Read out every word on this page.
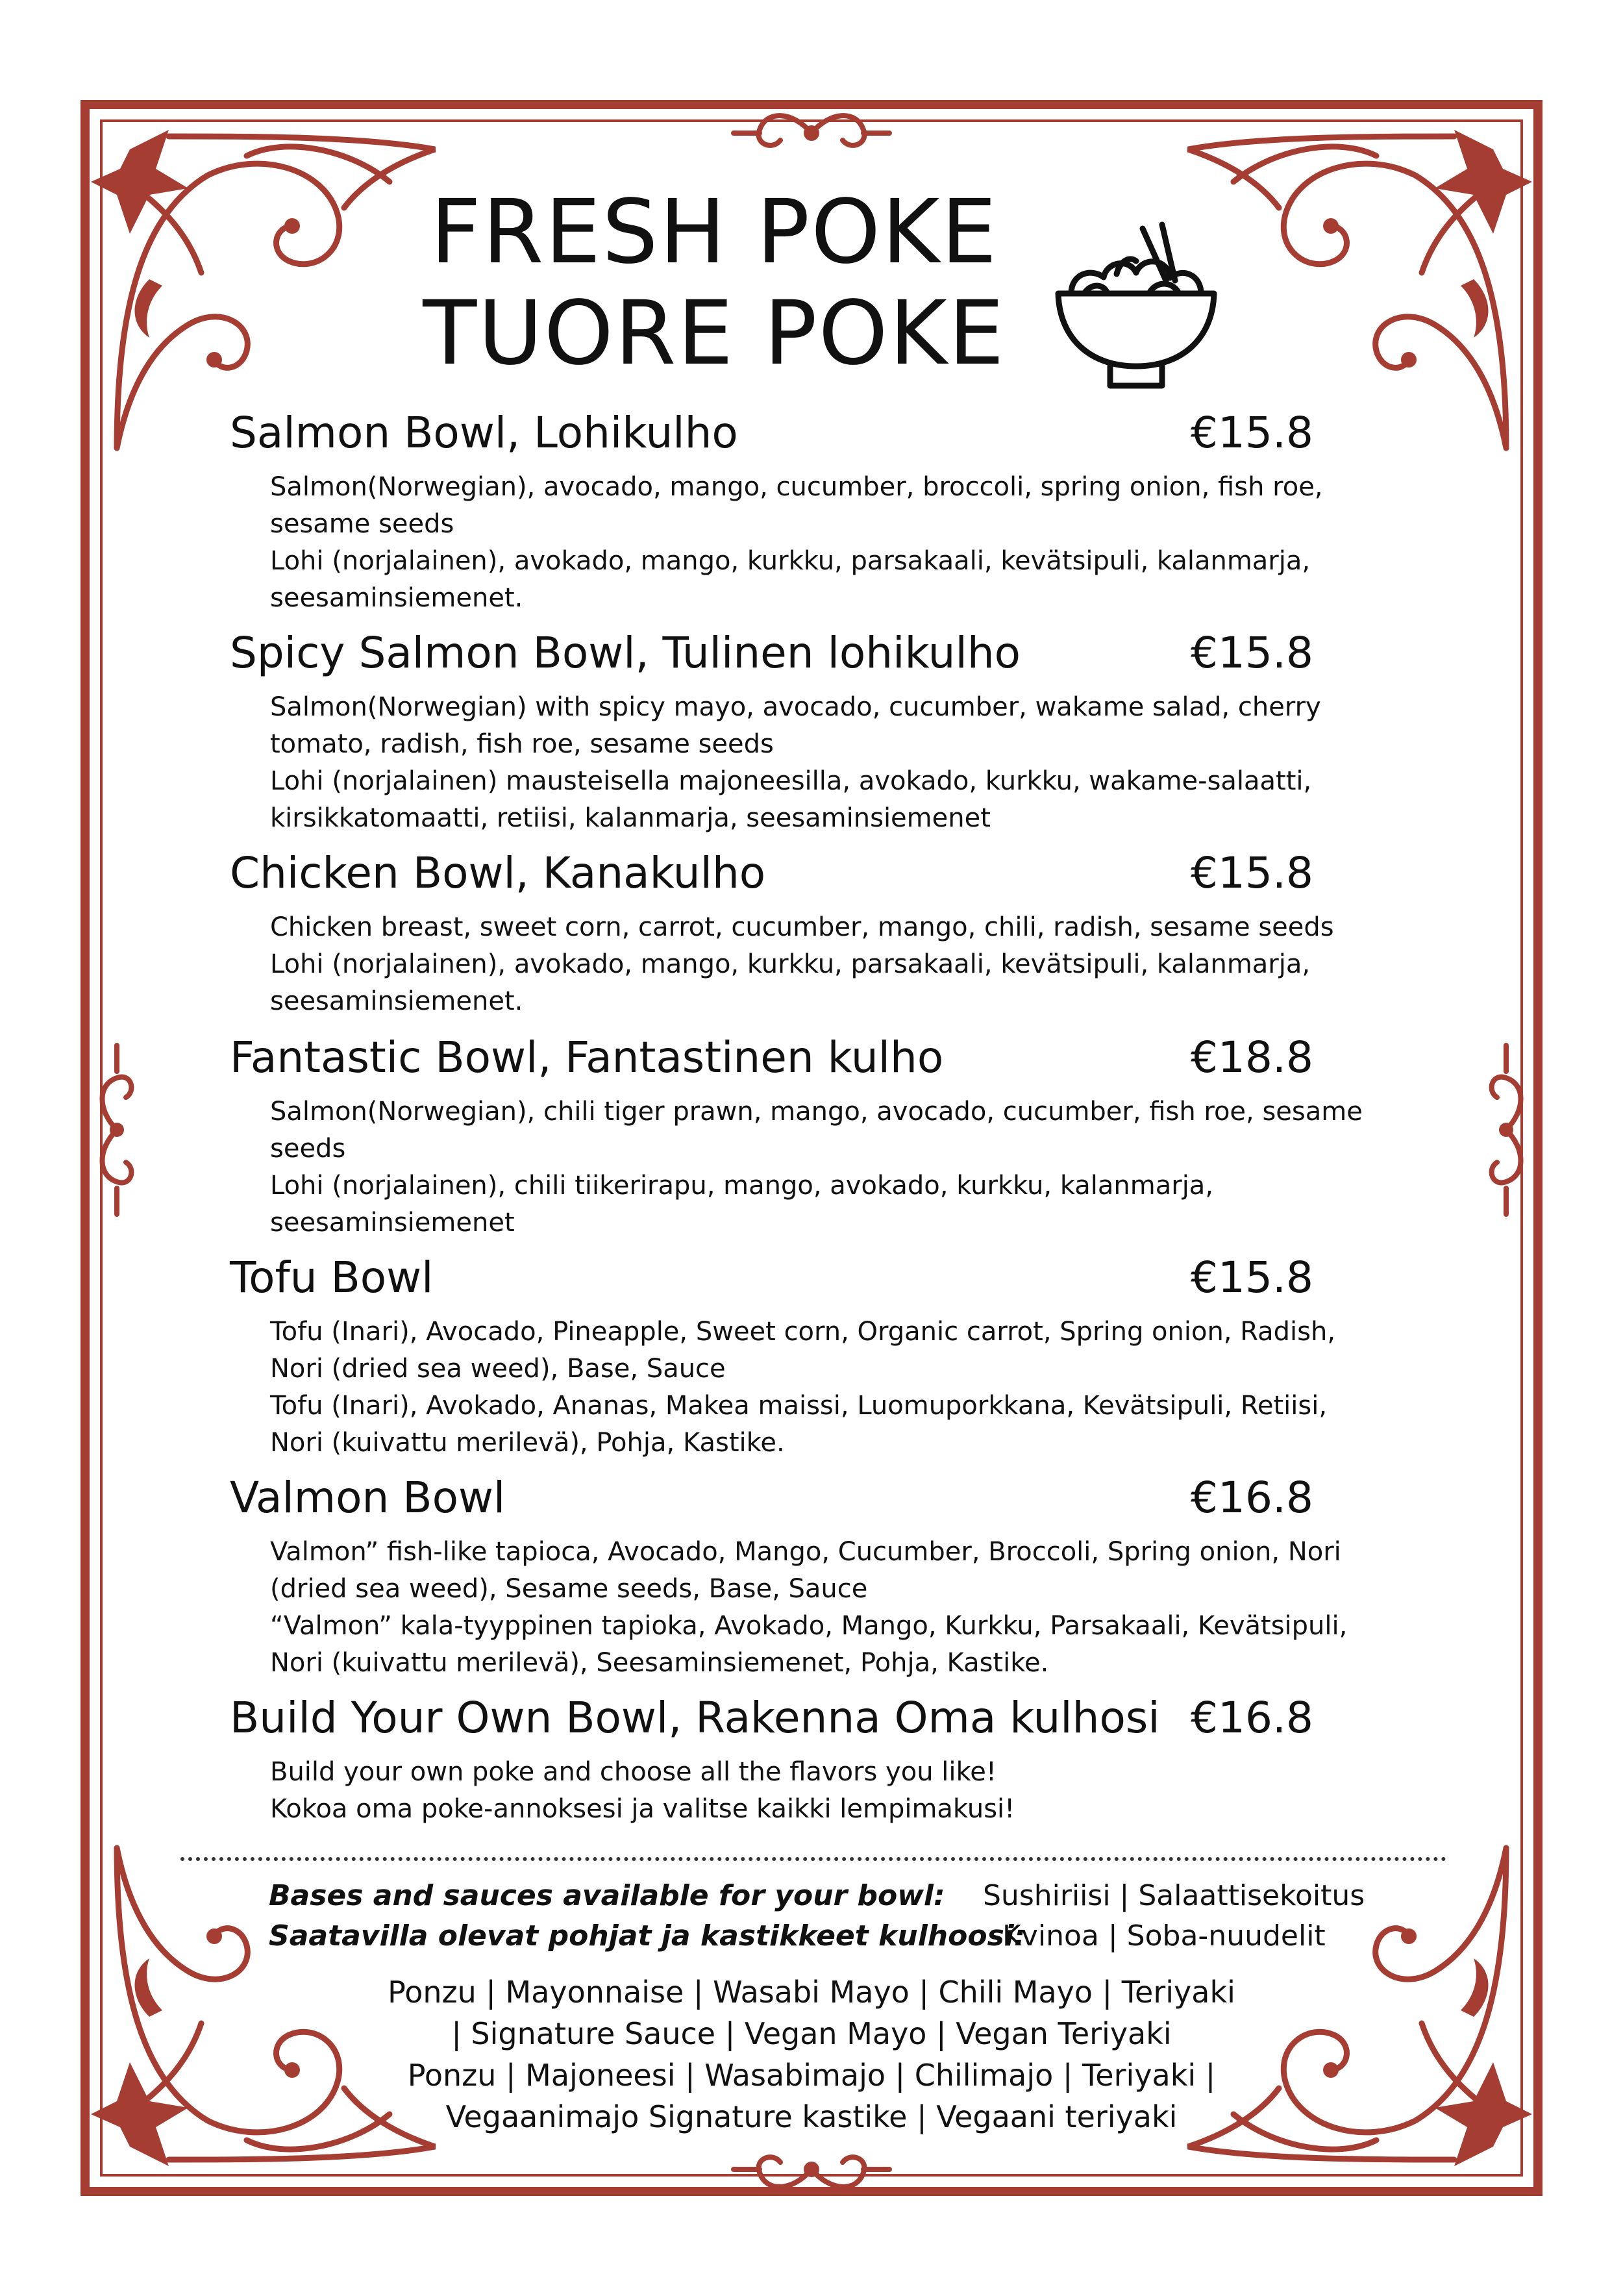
FRESH POKE
TUORE POKE
Salmon Bowl, Lohikulho	€15.8

Salmon(Norwegian), avocado, mango, cucumber, broccoli, spring onion, fish roe, sesame seeds
Lohi (norjalainen), avokado, mango, kurkku, parsakaali, kevätsipuli, kalanmarja, seesaminsiemenet.

Spicy Salmon Bowl, Tulinen lohikulho	€15.8

Salmon(Norwegian) with spicy mayo, avocado, cucumber, wakame salad, cherry tomato, radish, fish roe, sesame seeds
Lohi (norjalainen) mausteisella majoneesilla, avokado, kurkku, wakame-salaatti, kirsikkatomaatti, retiisi, kalanmarja, seesaminsiemenet

Chicken Bowl, Kanakulho	€15.8

Chicken breast, sweet corn, carrot, cucumber, mango, chili, radish, sesame seeds
Lohi (norjalainen), avokado, mango, kurkku, parsakaali, kevätsipuli, kalanmarja, seesaminsiemenet.

Fantastic Bowl, Fantastinen kulho	€18.8

Salmon(Norwegian), chili tiger prawn, mango, avocado, cucumber, fish roe, sesame seeds
Lohi (norjalainen), chili tiikerirapu, mango, avokado, kurkku, kalanmarja, seesaminsiemenet

Tofu Bowl	€15.8

Tofu (Inari), Avocado, Pineapple, Sweet corn, Organic carrot, Spring onion, Radish, Nori (dried sea weed), Base, Sauce
Tofu (Inari), Avokado, Ananas, Makea maissi, Luomuporkkana, Kevätsipuli, Retiisi, Nori (kuivattu merilevä), Pohja, Kastike.

Valmon Bowl	€16.8

Valmon” fish-like tapioca, Avocado, Mango, Cucumber, Broccoli, Spring onion, Nori (dried sea weed), Sesame seeds, Base, Sauce
“Valmon” kala-tyyppinen tapioka, Avokado, Mango, Kurkku, Parsakaali, Kevätsipuli, Nori (kuivattu merilevä), Seesaminsiemenet, Pohja, Kastike.

Build Your Own Bowl, Rakenna Oma kulhosi €16.8

Build your own poke and choose all the flavors you like!
Kokoa oma poke-annoksesi ja valitse kaikki lempimakusi!

Bases and sauces available for your bowl: Sushiriisi | Salaattisekoitus
Saatavilla olevat pohjat ja kastikkeet kulhoosi:
Kvinoa | Soba-nuudelit
Ponzu | Mayonnaise | Wasabi Mayo | Chili Mayo | Teriyaki
| Signature Sauce | Vegan Mayo | Vegan Teriyaki
Ponzu | Majoneesi | Wasabimajo | Chilimajo | Teriyaki |
Vegaanimajo Signature kastike | Vegaani teriyaki
